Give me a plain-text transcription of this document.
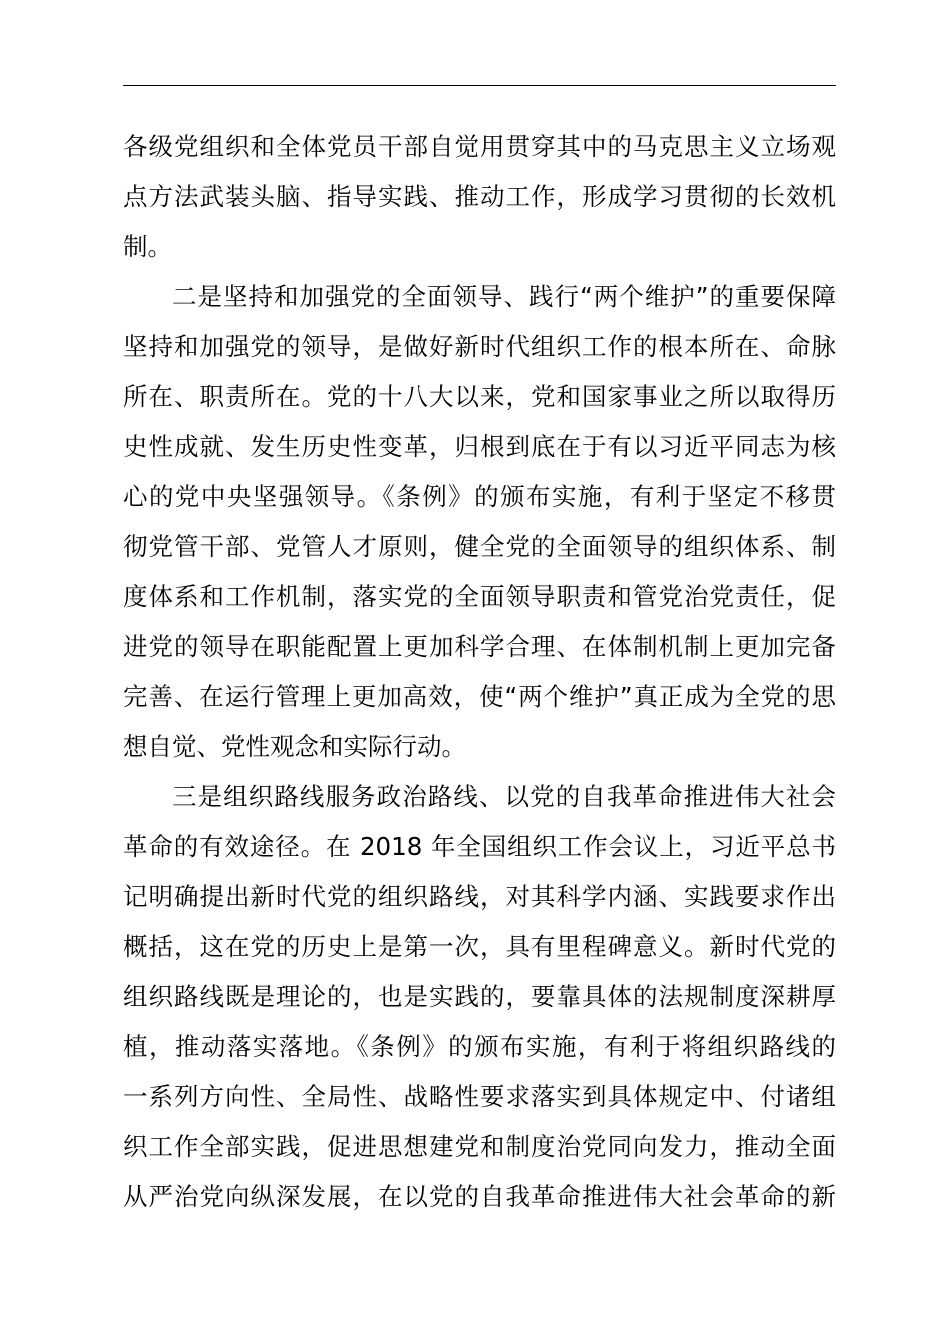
各级党组织和全体党员干部自觉用贯穿其中的马克思主义立场观
点方法武装头脑、指导实践、推动工作，形成学习贯彻的长效机
制。
二是坚持和加强党的全面领导、践行“两个维护”的重要保障
坚持和加强党的领导，是做好新时代组织工作的根本所在、命脉
所在、职责所在。党的十八大以来，党和国家事业之所以取得历
史性成就、发生历史性变革，归根到底在于有以习近平同志为核
心的党中央坚强领导。《条例》的颁布实施，有利于坚定不移贯
彻党管干部、党管人才原则，健全党的全面领导的组织体系、制
度体系和工作机制，落实党的全面领导职责和管党治党责任，促
进党的领导在职能配置上更加科学合理、在体制机制上更加完备
完善、在运行管理上更加高效，使“两个维护”真正成为全党的思
想自觉、党性观念和实际行动。
三是组织路线服务政治路线、以党的自我革命推进伟大社会
革命的有效途径。在 2018 年全国组织工作会议上，习近平总书
记明确提出新时代党的组织路线，对其科学内涵、实践要求作出
概括，这在党的历史上是第一次，具有里程碑意义。新时代党的
组织路线既是理论的，也是实践的，要靠具体的法规制度深耕厚
植，推动落实落地。《条例》的颁布实施，有利于将组织路线的
一系列方向性、全局性、战略性要求落实到具体规定中、付诸组
织工作全部实践，促进思想建党和制度治党同向发力，推动全面
从严治党向纵深发展，在以党的自我革命推进伟大社会革命的新
